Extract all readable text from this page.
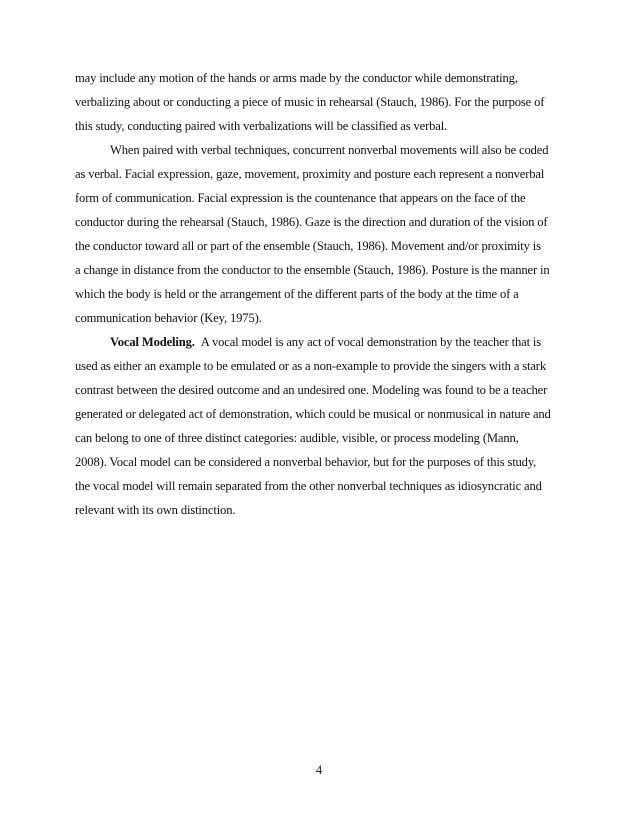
may include any motion of the hands or arms made by the conductor while demonstrating,
verbalizing about or conducting a piece of music in rehearsal (Stauch, 1986). For the purpose of
this study, conducting paired with verbalizations will be classified as verbal.
When paired with verbal techniques, concurrent nonverbal movements will also be coded
as verbal. Facial expression, gaze, movement, proximity and posture each represent a nonverbal
form of communication. Facial expression is the countenance that appears on the face of the
conductor during the rehearsal (Stauch, 1986). Gaze is the direction and duration of the vision of
the conductor toward all or part of the ensemble (Stauch, 1986). Movement and/or proximity is
a change in distance from the conductor to the ensemble (Stauch, 1986). Posture is the manner in
which the body is held or the arrangement of the different parts of the body at the time of a
communication behavior (Key, 1975).
Vocal Modeling. A vocal model is any act of vocal demonstration by the teacher that is
used as either an example to be emulated or as a non-example to provide the singers with a stark
contrast between the desired outcome and an undesired one. Modeling was found to be a teacher
generated or delegated act of demonstration, which could be musical or nonmusical in nature and
can belong to one of three distinct categories: audible, visible, or process modeling (Mann,
2008). Vocal model can be considered a nonverbal behavior, but for the purposes of this study,
the vocal model will remain separated from the other nonverbal techniques as idiosyncratic and
relevant with its own distinction.
4
